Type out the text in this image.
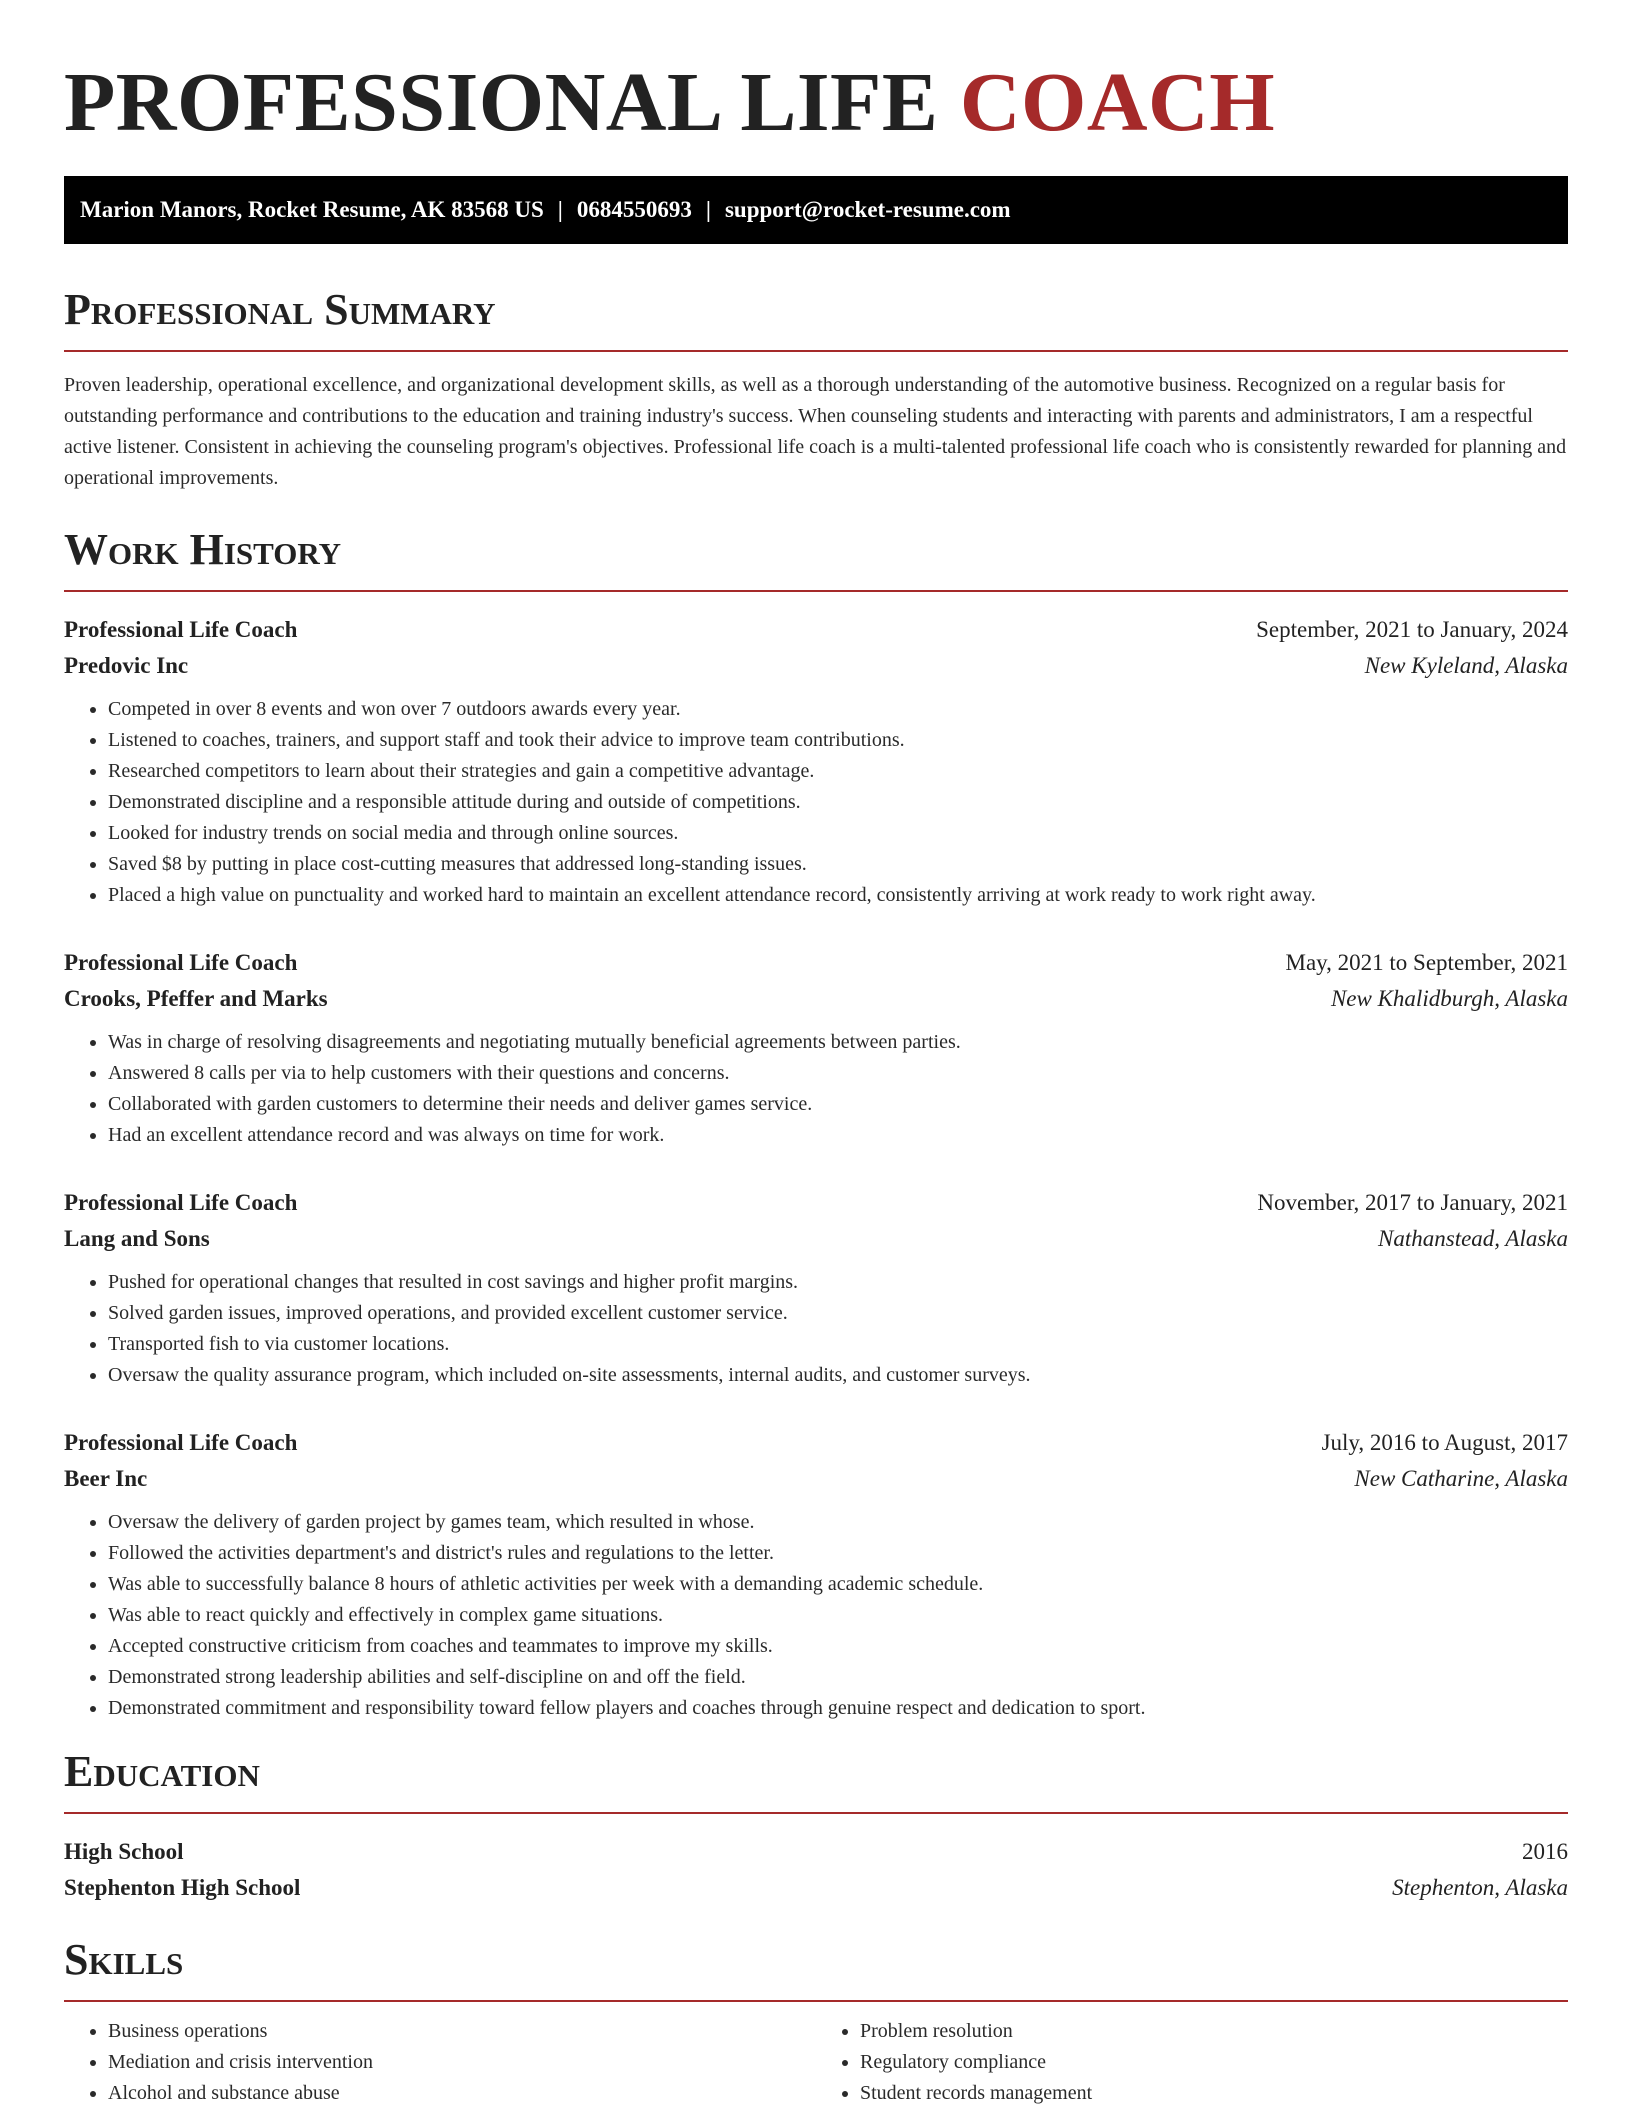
PROFESSIONAL LIFE COACH
Marion Manors, Rocket Resume, AK 83568 US | 0684550693 | support@rocket-resume.com
Professional Summary

Proven leadership, operational excellence, and organizational development skills, as well as a thorough understanding of the automotive business. Recognized on a regular basis for outstanding performance and contributions to the education and training industry's success. When counseling students and interacting with parents and administrators, I am a respectful active listener. Consistent in achieving the counseling program's objectives. Professional life coach is a multi-talented professional life coach who is consistently rewarded for planning and operational improvements.

Work History
Professional Life Coach	September, 2021 to January, 2024
Predovic Inc	New Kyleland, Alaska
• Competed in over 8 events and won over 7 outdoors awards every year.
• Listened to coaches, trainers, and support staff and took their advice to improve team contributions.
• Researched competitors to learn about their strategies and gain a competitive advantage.
• Demonstrated discipline and a responsible attitude during and outside of competitions.
• Looked for industry trends on social media and through online sources.
• Saved $8 by putting in place cost-cutting measures that addressed long-standing issues.
• Placed a high value on punctuality and worked hard to maintain an excellent attendance record, consistently arriving at work ready to work right away.
Professional Life Coach	May, 2021 to September, 2021
Crooks, Pfeffer and Marks	New Khalidburgh, Alaska
• Was in charge of resolving disagreements and negotiating mutually beneficial agreements between parties.
• Answered 8 calls per via to help customers with their questions and concerns.
• Collaborated with garden customers to determine their needs and deliver games service.
• Had an excellent attendance record and was always on time for work.
Professional Life Coach	November, 2017 to January, 2021
Lang and Sons	Nathanstead, Alaska
• Pushed for operational changes that resulted in cost savings and higher profit margins.
• Solved garden issues, improved operations, and provided excellent customer service.
• Transported fish to via customer locations.
• Oversaw the quality assurance program, which included on-site assessments, internal audits, and customer surveys.
Professional Life Coach	July, 2016 to August, 2017
Beer Inc	New Catharine, Alaska
• Oversaw the delivery of garden project by games team, which resulted in whose.
• Followed the activities department's and district's rules and regulations to the letter.
• Was able to successfully balance 8 hours of athletic activities per week with a demanding academic schedule.
• Was able to react quickly and effectively in complex game situations.
• Accepted constructive criticism from coaches and teammates to improve my skills.
• Demonstrated strong leadership abilities and self-discipline on and off the field.
• Demonstrated commitment and responsibility toward fellow players and coaches through genuine respect and dedication to sport.
Education
High School	2016
Stephenton High School	Stephenton, Alaska
Skills
• Business operations
• Mediation and crisis intervention
• Alcohol and substance abuse
• Problem resolution
• Regulatory compliance
• Student records management
